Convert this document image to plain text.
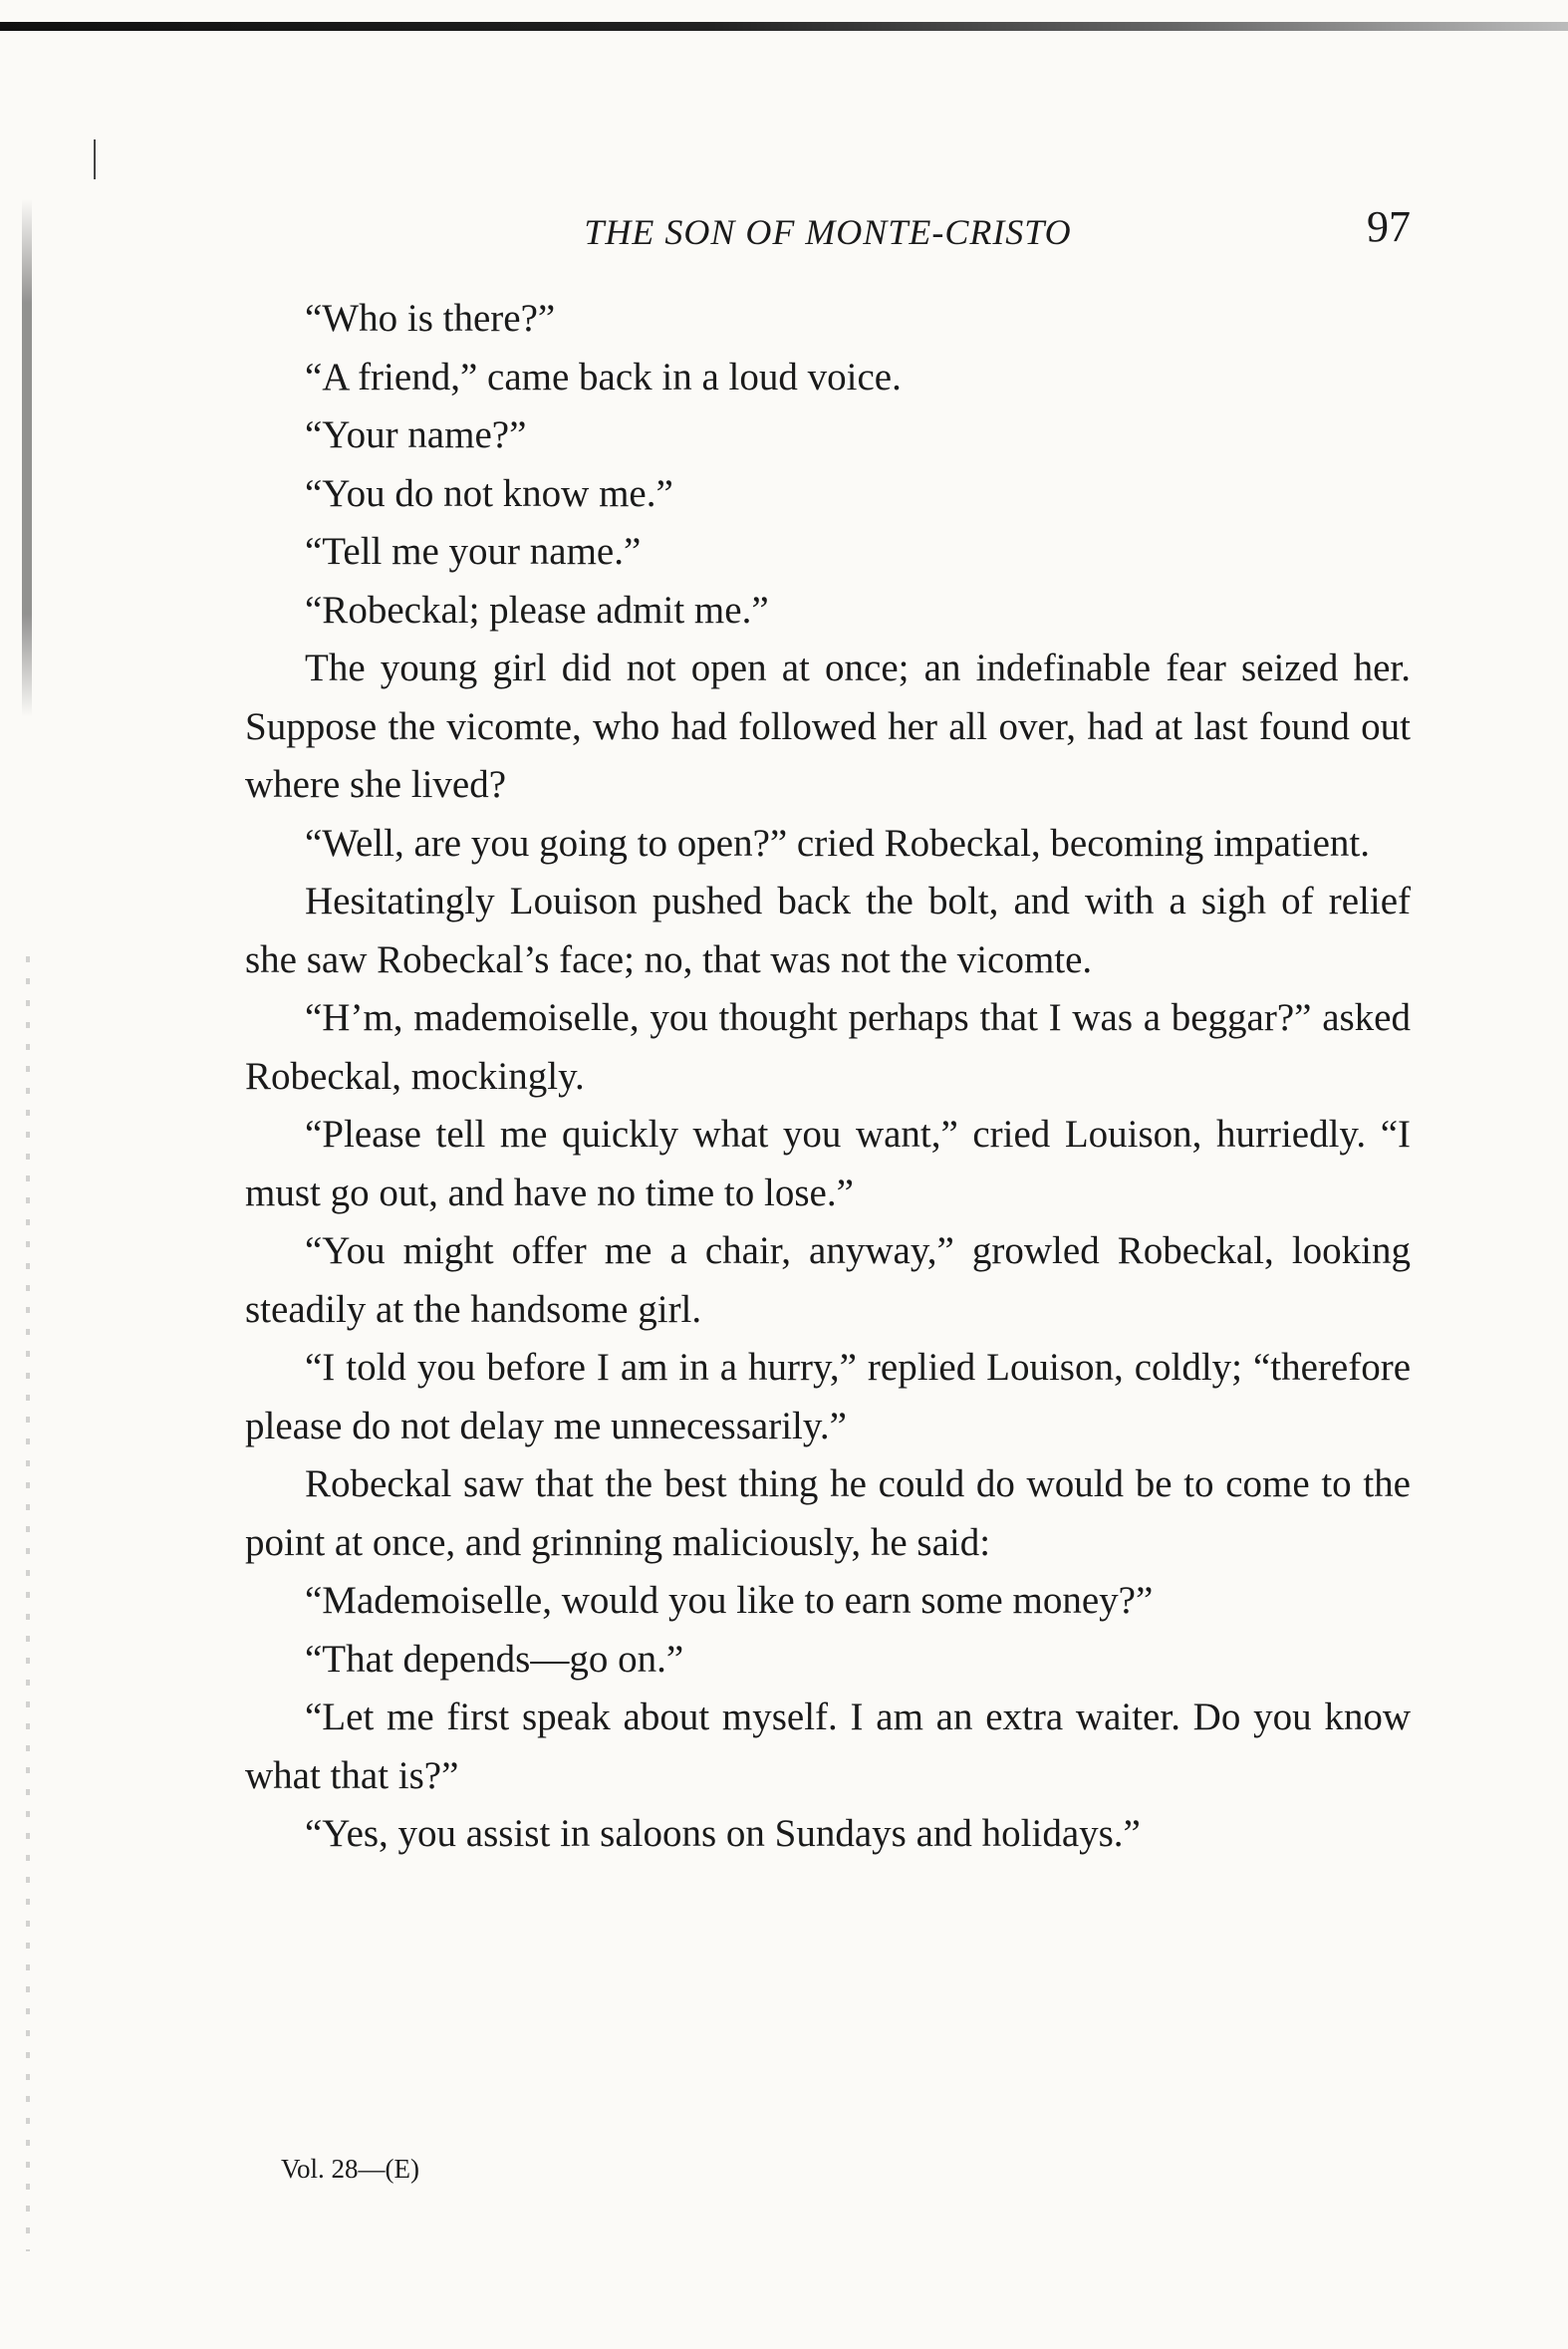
THE SON OF MONTE-CRISTO	97

“Who is there?”

“A friend,” came back in a loud voice.

“Your name?”

“You do not know me.”

“Tell me your name.”

“Robeckal; please admit me.”

The young girl did not open at once; an indefinable fear seized her. Suppose the vicomte, who had followed her all over, had at last found out where she lived?

“Well, are you going to open?” cried Robeckal, becoming impatient.

Hesitatingly Louison pushed back the bolt, and with a sigh of relief she saw Robeckal’s face; no, that was not the vicomte.

“H’m, mademoiselle, you thought perhaps that I was a beggar?” asked Robeckal, mockingly.

“Please tell me quickly what you want,” cried Louison, hurriedly. “I must go out, and have no time to lose.”

“You might offer me a chair, anyway,” growled Robeckal, looking steadily at the handsome girl.

“I told you before I am in a hurry,” replied Louison, coldly; “therefore please do not delay me unnecessarily.”

Robeckal saw that the best thing he could do would be to come to the point at once, and grinning maliciously, he said:

“Mademoiselle, would you like to earn some money?”

“That depends—go on.”

“Let me first speak about myself. I am an extra waiter. Do you know what that is?”

“Yes, you assist in saloons on Sundays and holidays.”

Vol. 28—(E)
